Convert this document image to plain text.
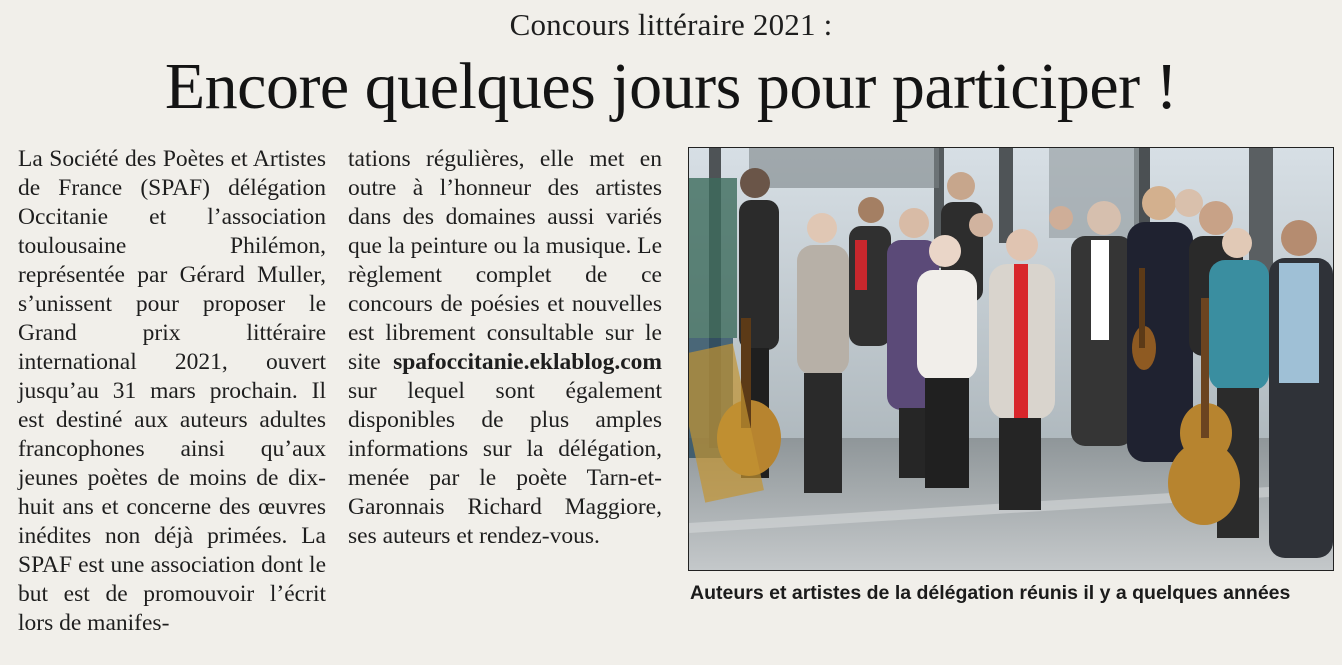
Concours littéraire 2021 :
Encore quelques jours pour participer !

La Société des Poètes et Artistes de France (SPAF) délégation Occitanie et l’association toulousaine Philémon, représentée par Gérard Muller, s’unissent pour proposer le Grand prix littéraire international 2021, ouvert jusqu’au 31 mars prochain. Il est destiné aux auteurs adultes francophones ainsi qu’aux jeunes poètes de moins de dix-huit ans et concerne des œuvres inédites non déjà primées. La SPAF est une association dont le but est de promouvoir l’écrit lors de manifes-

tations régulières, elle met en outre à l’honneur des artistes dans des domaines aussi variés que la peinture ou la musique. Le règlement complet de ce concours de poésies et nouvelles est librement consultable sur le site spafoccitanie.eklablog.com sur lequel sont également disponibles de plus amples informations sur la délégation, menée par le poète Tarn-et-Garonnais Richard Maggiore, ses auteurs et rendez-vous.

Auteurs et artistes de la délégation réunis il y a quelques années
